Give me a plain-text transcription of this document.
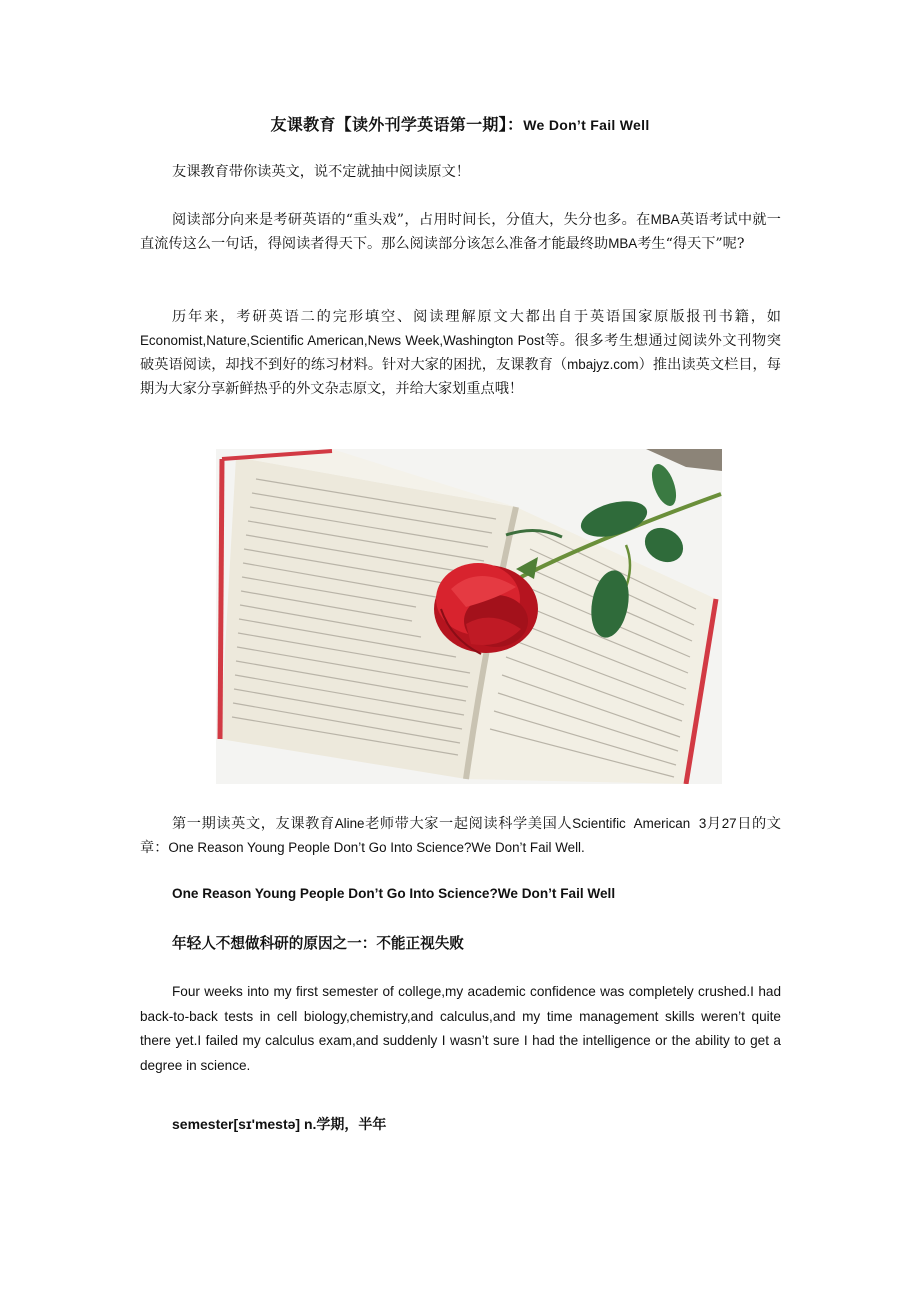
友课教育【读外刊学英语第一期】：We Don’t Fail Well

友课教育带你读英文，说不定就抽中阅读原文！

阅读部分向来是考研英语的“重头戏”，占用时间长，分值大，失分也多。在MBA英语考试中就一直流传这么一句话，得阅读者得天下。那么阅读部分该怎么准备才能最终助MBA考生“得天下”呢?

历年来，考研英语二的完形填空、阅读理解原文大都出自于英语国家原版报刊书籍，如Economist,Nature,Scientific American,News Week,Washington Post等。很多考生想通过阅读外文刊物突破英语阅读，却找不到好的练习材料。针对大家的困扰，友课教育（mbajyz.com）推出读英文栏目，每期为大家分享新鲜热乎的外文杂志原文，并给大家划重点哦！

第一期读英文，友课教育Aline老师带大家一起阅读科学美国人Scientific  American  3月27日的文章：One Reason Young People Don’t Go Into Science?We Don’t Fail Well.

One Reason Young People Don’t Go Into Science?We Don’t Fail Well
年轻人不想做科研的原因之一：不能正视失败

Four weeks into my first semester of college,my academic confidence was completely crushed.I had back-to-back tests in cell biology,chemistry,and calculus,and my time management skills weren’t quite there yet.I failed my calculus exam,and suddenly I wasn’t sure I had the intelligence or the ability to get a degree in science.

semester[sɪ'mestə] n.学期，半年
